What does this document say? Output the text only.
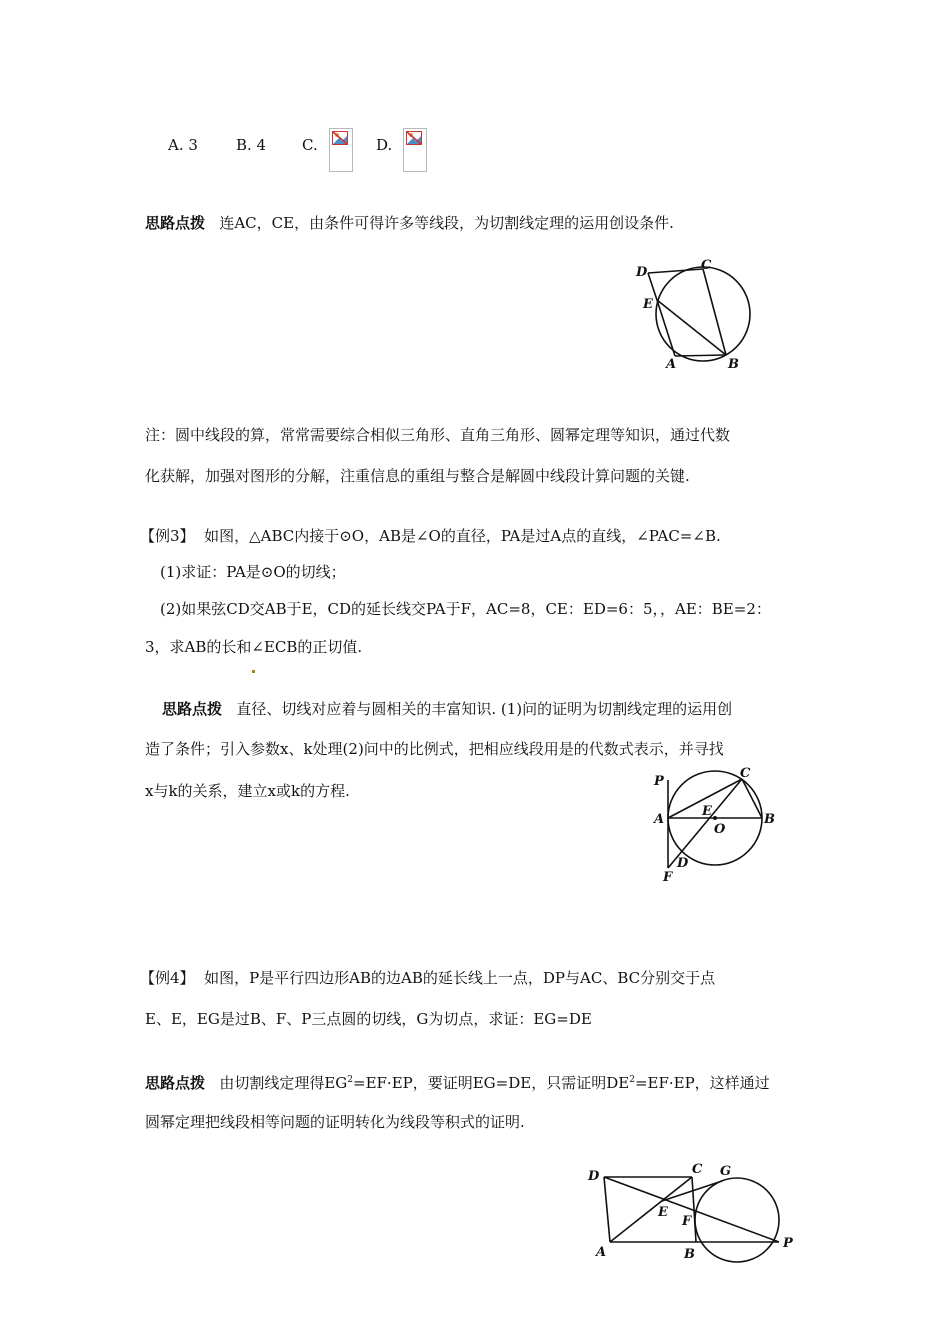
A. 3	B. 4 C.	D.
思路点拨 连AC，CE，由条件可得许多等线段，为切割线定理的运用创设条件.
D	C
E
A	B
注：圆中线段的算，常常需要综合相似三角形、直角三角形、圆幂定理等知识，通过代数
化获解，加强对图形的分解，注重信息的重组与整合是解圆中线段计算问题的关键.
【例3】 如图，△ABC内接于⊙O，AB是∠O的直径，PA是过A点的直线，∠PAC=∠B.
(1)求证：PA是⊙O的切线；
(2)如果弦CD交AB于E，CD的延长线交PA于F，AC=8，CE：ED=6：5，，AE：BE=2：
3，求AB的长和∠ECB的正切值.
思路点拨 直径、切线对应着与圆相关的丰富知识. (1)问的证明为切割线定理的运用创
造了条件；引入参数x、k处理(2)问中的比例式，把相应线段用是的代数式表示，并寻找
x与k的关系，建立x或k的方程.
P
C
E
A
O
B
D
F
【例4】 如图，P是平行四边形AB的边AB的延长线上一点，DP与AC、BC分别交于点
E、E，EG是过B、F、P三点圆的切线，G为切点，求证：EG=DE
思路点拨 由切割线定理得$EG^2=EF\cdot EP$，要证明EG=DE，只需证明$DE^2=EF\cdot EP$，这样通过
圆幂定理把线段相等问题的证明转化为线段等积式的证明.
D	C G
E
F
A	B
P
